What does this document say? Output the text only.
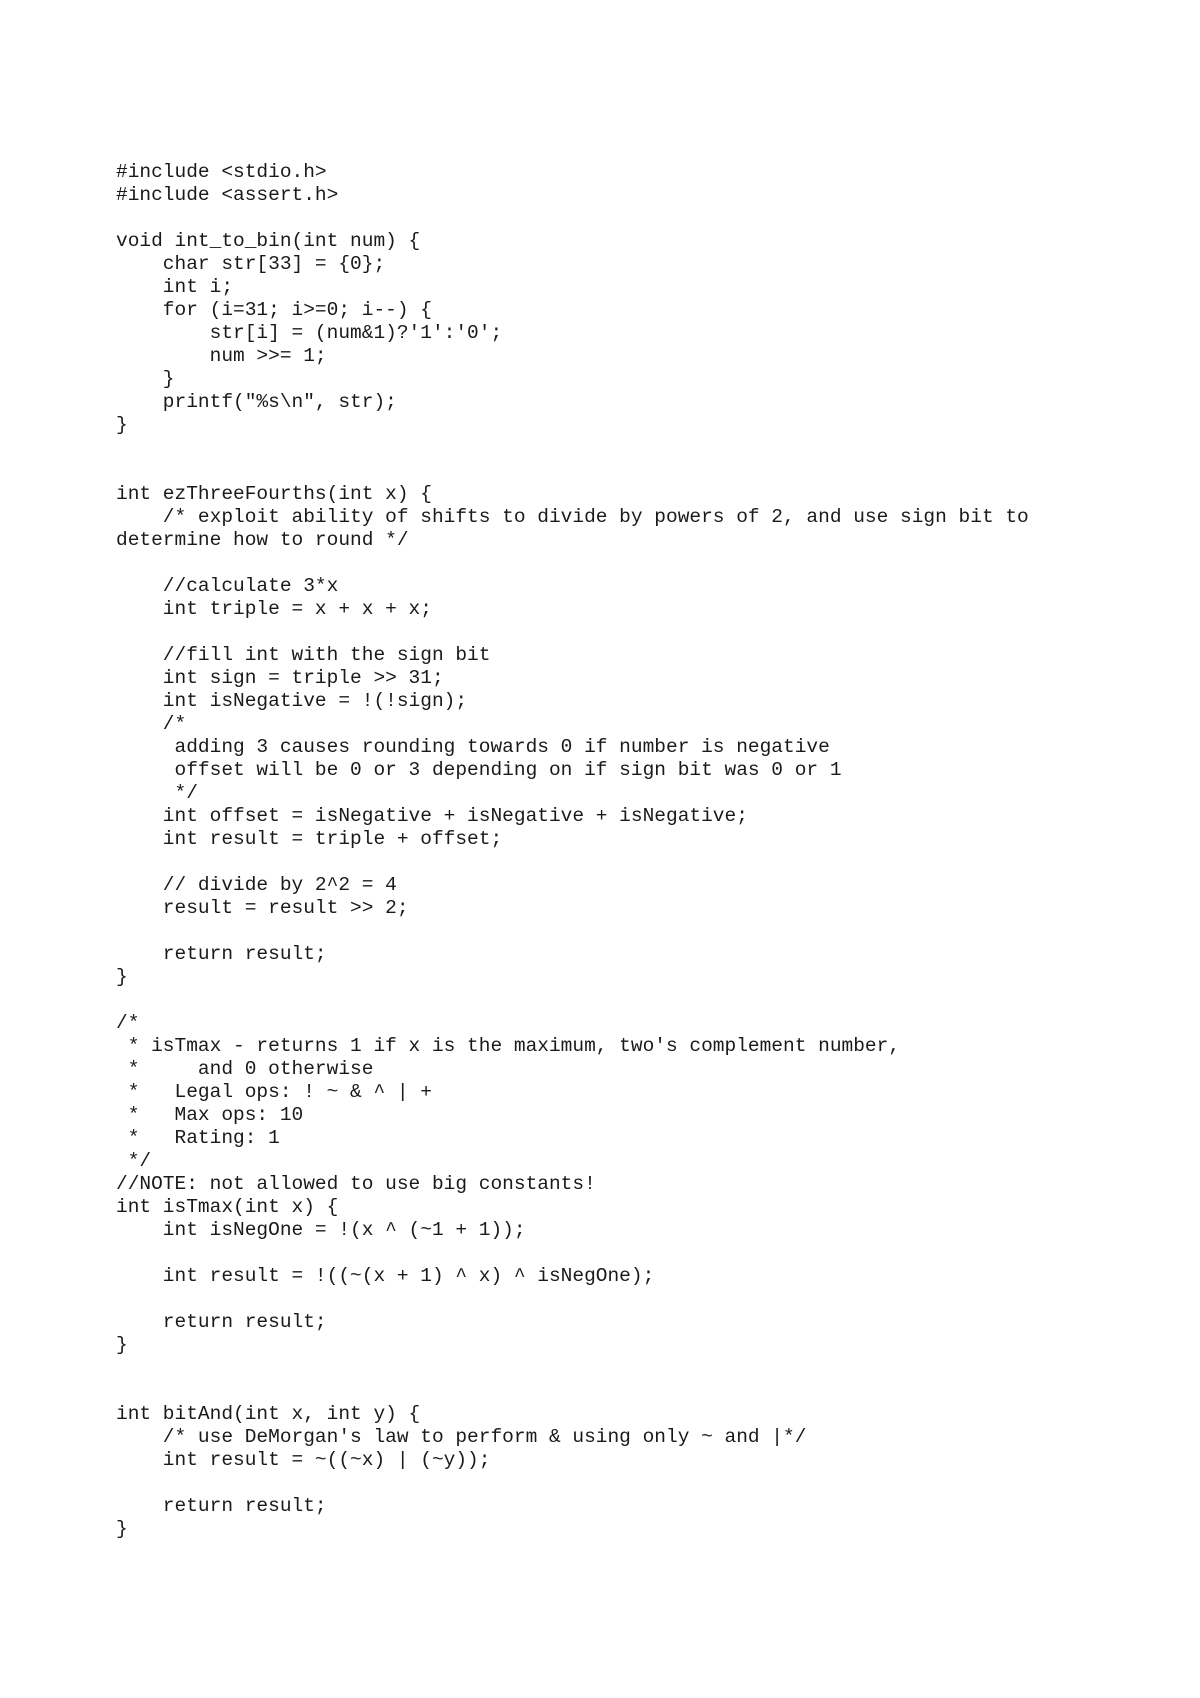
#include <stdio.h>
#include <assert.h>
void int_to_bin(int num) {
char str[33] = {0};
int i;
for (i=31; i>=0; i--) {
str[i] = (num&1)?'1':'0';
num >>= 1;
}
printf("%s\n", str);
}
int ezThreeFourths(int x) {
/* exploit ability of shifts to divide by powers of 2, and use sign bit to
determine how to round */
//calculate 3*x
int triple = x + x + x;
//fill int with the sign bit
int sign = triple >> 31;
int isNegative = !(!sign);
/*
adding 3 causes rounding towards 0 if number is negative
offset will be 0 or 3 depending on if sign bit was 0 or 1
*/
int offset = isNegative + isNegative + isNegative;
int result = triple + offset;
// divide by 2^2 = 4
result = result >> 2;
return result;
}
/*
* isTmax - returns 1 if x is the maximum, two's complement number,
*     and 0 otherwise
*   Legal ops: ! ~ & ^ | +
*   Max ops: 10
*   Rating: 1
*/
//NOTE: not allowed to use big constants!
int isTmax(int x) {
int isNegOne = !(x ^ (~1 + 1));
int result = !((~(x + 1) ^ x) ^ isNegOne);
return result;
}
int bitAnd(int x, int y) {
/* use DeMorgan's law to perform & using only ~ and |*/
int result = ~((~x) | (~y));
return result;
}
